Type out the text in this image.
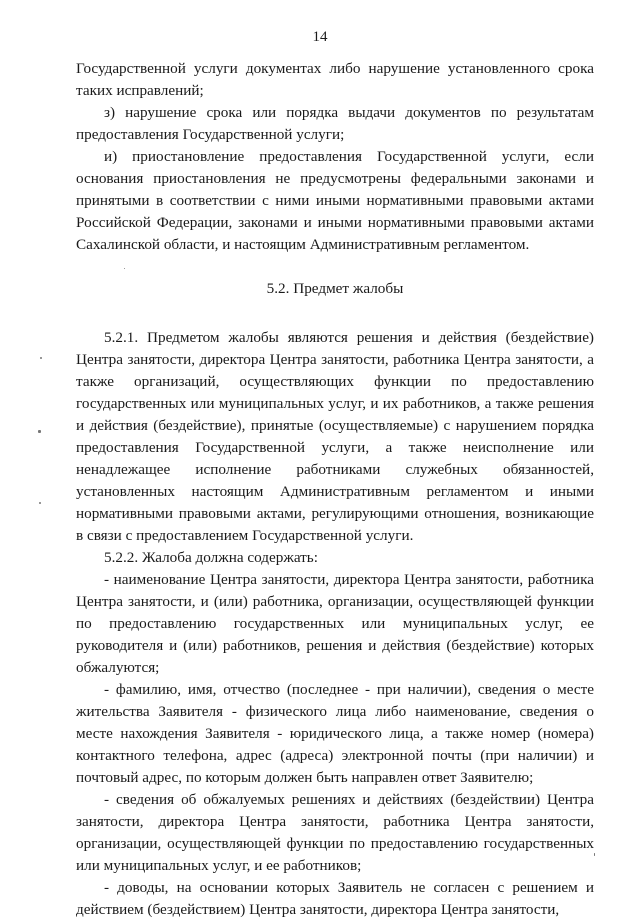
14

Государственной услуги документах либо нарушение установленного срока таких исправлений;

з) нарушение срока или порядка выдачи документов по результатам предоставления Государственной услуги;

и) приостановление предоставления Государственной услуги, если основания приостановления не предусмотрены федеральными законами и принятыми в соответствии с ними иными нормативными правовыми актами Российской Федерации, законами и иными нормативными правовыми актами Сахалинской области, и настоящим Административным регламентом.

5.2. Предмет жалобы

5.2.1. Предметом жалобы являются решения и действия (бездействие) Центра занятости, директора Центра занятости, работника Центра занятости, а также организаций, осуществляющих функции по предоставлению государственных или муниципальных услуг, и их работников, а также решения и действия (бездействие), принятые (осуществляемые) с нарушением порядка предоставления Государственной услуги, а также неисполнение или ненадлежащее исполнение работниками служебных обязанностей, установленных настоящим Административным регламентом и иными нормативными правовыми актами, регулирующими отношения, возникающие в связи с предоставлением Государственной услуги.

5.2.2. Жалоба должна содержать:

- наименование Центра занятости, директора Центра занятости, работника Центра занятости, и (или) работника, организации, осуществляющей функции по предоставлению государственных или муниципальных услуг, ее руководителя и (или) работников, решения и действия (бездействие) которых обжалуются;

- фамилию, имя, отчество (последнее - при наличии), сведения о месте жительства Заявителя - физического лица либо наименование, сведения о месте нахождения Заявителя - юридического лица, а также номер (номера) контактного телефона, адрес (адреса) электронной почты (при наличии) и почтовый адрес, по которым должен быть направлен ответ Заявителю;

- сведения об обжалуемых решениях и действиях (бездействии) Центра занятости, директора Центра занятости, работника Центра занятости, организации, осуществляющей функции по предоставлению государственных или муниципальных услуг, и ее работников;

- доводы, на основании которых Заявитель не согласен с решением и действием (бездействием) Центра занятости, директора Центра занятости,
